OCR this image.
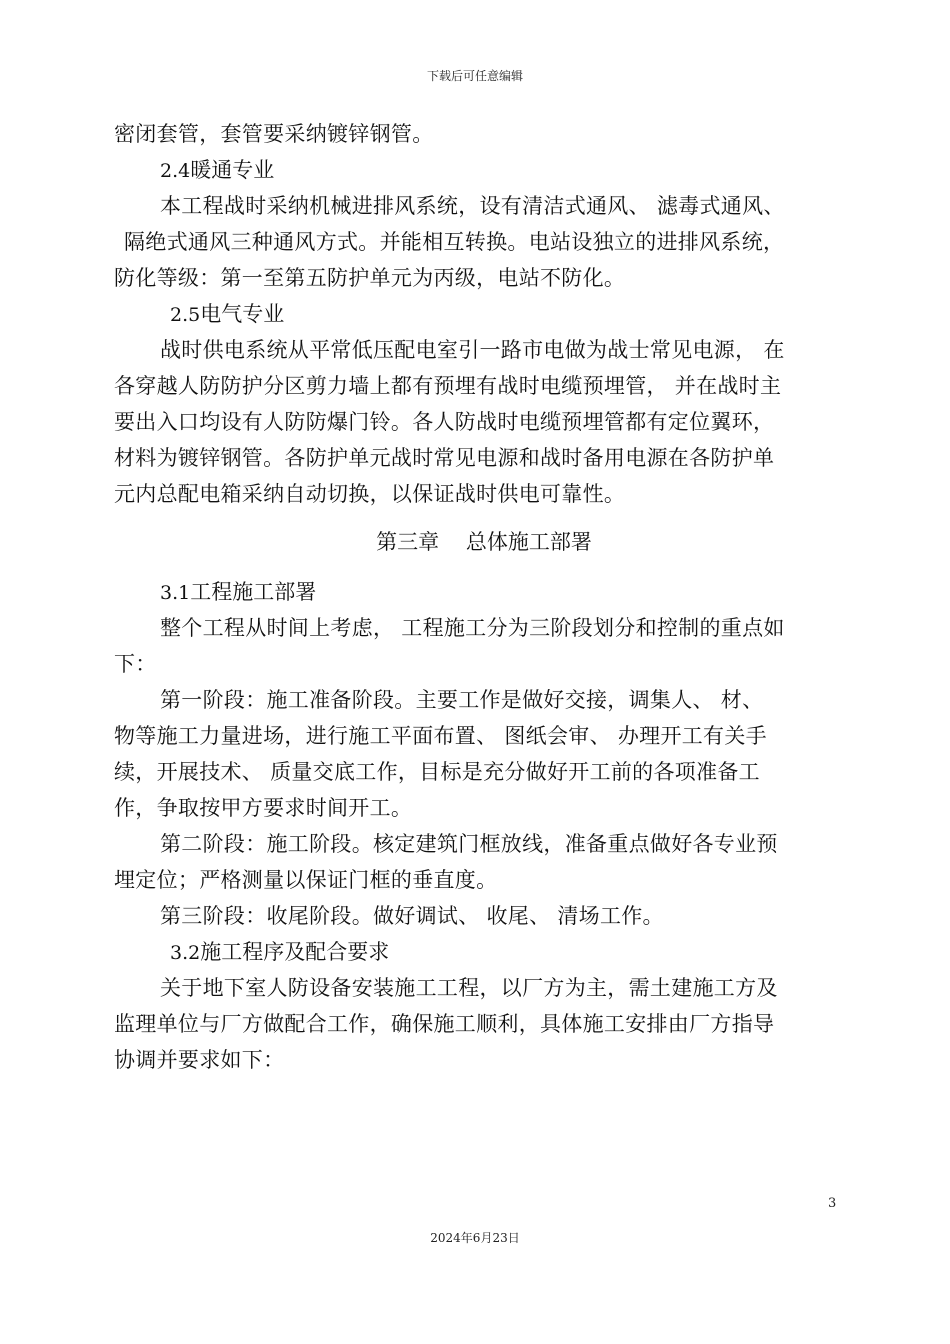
下载后可任意编辑
密闭套管，套管要采纳镀锌钢管。
2.4暖通专业
本工程战时采纳机械进排风系统，设有清洁式通风、 滤毒式通风、
隔绝式通风三种通风方式。并能相互转换。电站设独立的进排风系统，
防化等级：第一至第五防护单元为丙级，电站不防化。
2.5电气专业
战时供电系统从平常低压配电室引一路市电做为战士常见电源， 在
各穿越人防防护分区剪力墙上都有预埋有战时电缆预埋管， 并在战时主
要出入口均设有人防防爆门铃。各人防战时电缆预埋管都有定位翼环，
材料为镀锌钢管。各防护单元战时常见电源和战时备用电源在各防护单
元内总配电箱采纳自动切换，以保证战时供电可靠性。
第三章    总体施工部署
3.1工程施工部署
整个工程从时间上考虑， 工程施工分为三阶段划分和控制的重点如
下：
第一阶段：施工准备阶段。主要工作是做好交接，调集人、 材、
物等施工力量进场，进行施工平面布置、 图纸会审、 办理开工有关手
续，开展技术、 质量交底工作，目标是充分做好开工前的各项准备工
作，争取按甲方要求时间开工。
第二阶段：施工阶段。核定建筑门框放线，准备重点做好各专业预
埋定位；严格测量以保证门框的垂直度。
第三阶段：收尾阶段。做好调试、 收尾、 清场工作。
3.2施工程序及配合要求
关于地下室人防设备安装施工工程，以厂方为主，需土建施工方及
监理单位与厂方做配合工作，确保施工顺利，具体施工安排由厂方指导
协调并要求如下：
3
2024年6月23日
